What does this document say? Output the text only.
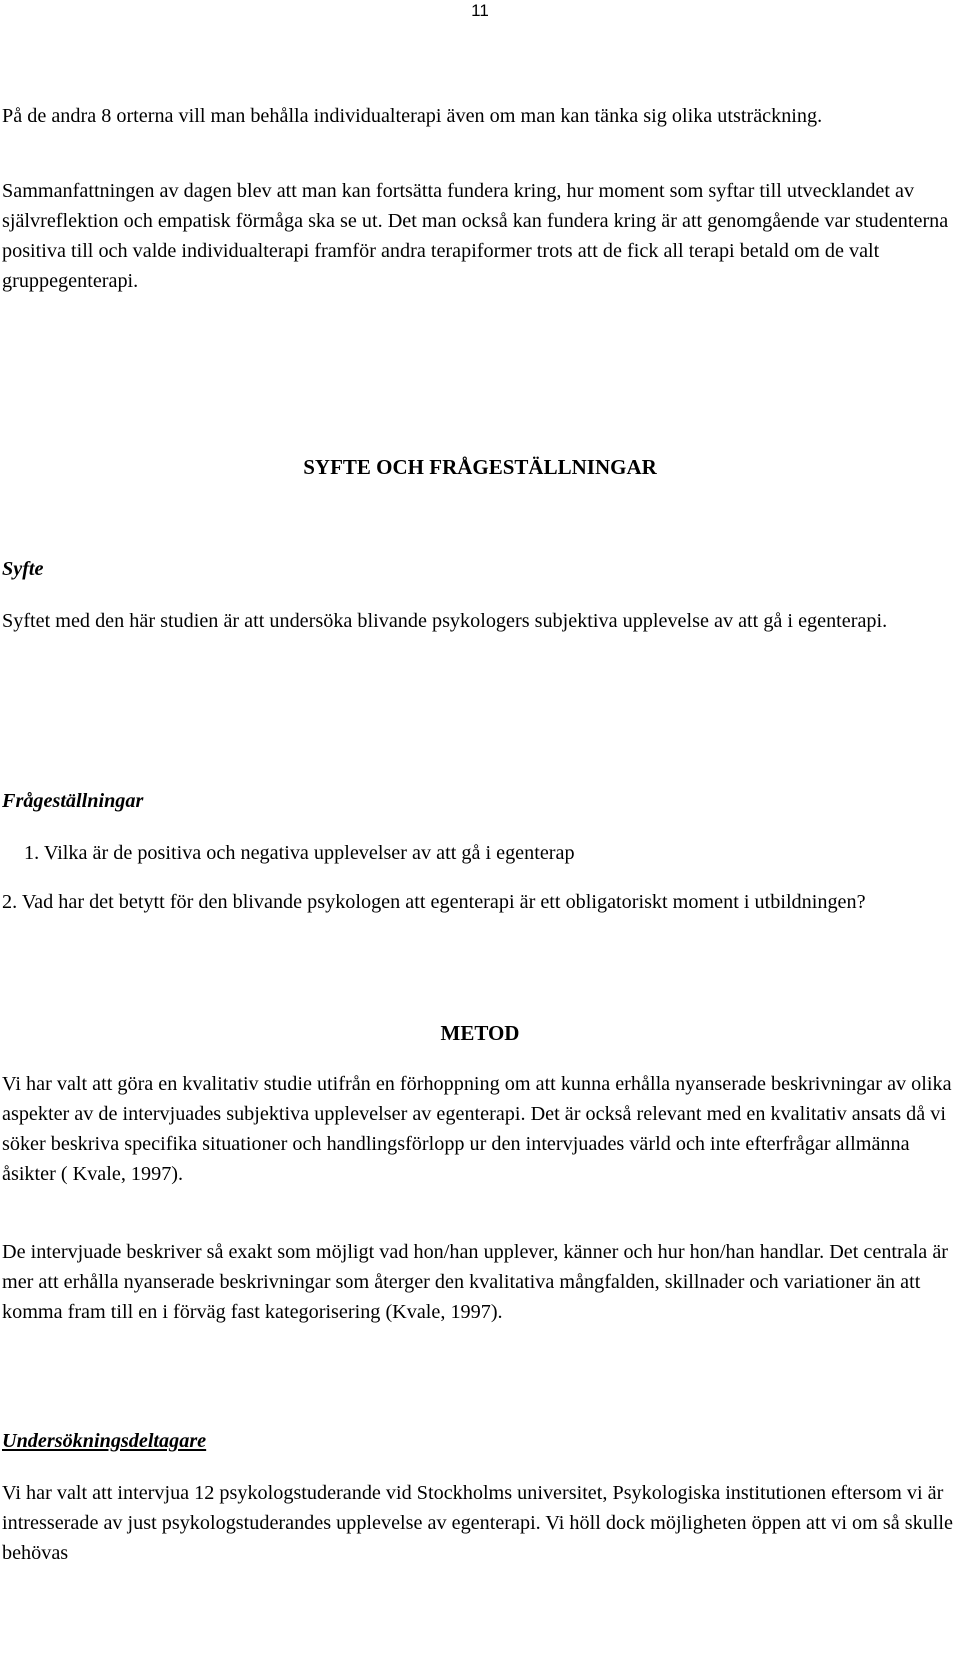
11

På de andra 8 orterna vill man behålla individualterapi även om man kan tänka sig olika utsträckning.

Sammanfattningen av dagen blev att man kan fortsätta fundera kring, hur moment som syftar till utvecklandet av självreflektion och empatisk förmåga ska se ut. Det man också kan fundera kring är att genomgående var studenterna positiva till och valde individualterapi framför andra terapiformer trots att de fick all terapi betald om de valt gruppegenterapi.

SYFTE OCH FRÅGESTÄLLNINGAR
Syfte

Syftet med den här studien är att undersöka blivande psykologers subjektiva upplevelse av att gå i egenterapi.

Frågeställningar
1. Vilka är de positiva och negativa upplevelser av att gå i egenterap

2. Vad har det betytt för den blivande psykologen att egenterapi är ett obligatoriskt moment i utbildningen?

METOD

Vi har valt att göra en kvalitativ studie utifrån en förhoppning om att kunna erhålla nyanserade beskrivningar av olika aspekter av de intervjuades subjektiva upplevelser av egenterapi. Det är också relevant med en kvalitativ ansats då vi söker beskriva specifika situationer och handlingsförlopp ur den intervjuades värld och inte efterfrågar allmänna åsikter ( Kvale, 1997).

De intervjuade beskriver så exakt som möjligt vad hon/han upplever, känner och hur hon/han handlar. Det centrala är mer att erhålla nyanserade beskrivningar som återger den kvalitativa mångfalden, skillnader och variationer än att komma fram till en i förväg fast kategorisering (Kvale, 1997).

Undersökningsdeltagare

Vi har valt att intervjua 12 psykologstuderande vid Stockholms universitet, Psykologiska institutionen eftersom vi är intresserade av just psykologstuderandes upplevelse av egenterapi. Vi höll dock möjligheten öppen att vi om så skulle behövas
